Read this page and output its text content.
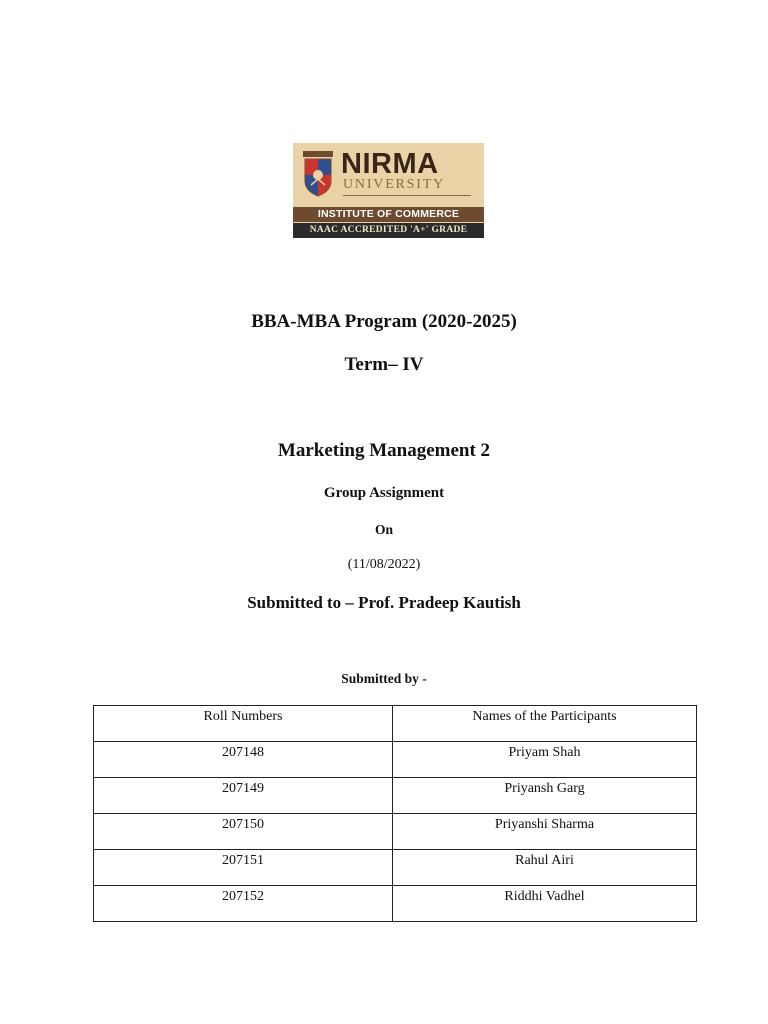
NIRMA
UNIVERSITY
INSTITUTE OF COMMERCE
NAAC ACCREDITED 'A+' GRADE
BBA-MBA Program (2020-2025)
Term– IV
Marketing Management 2
Group Assignment
On
(11/08/2022)
Submitted to – Prof. Pradeep Kautish
Submitted by -
Roll Numbers	Names of the Participants
207148	Priyam Shah
207149	Priyansh Garg
207150	Priyanshi Sharma
207151	Rahul Airi
207152	Riddhi Vadhel
